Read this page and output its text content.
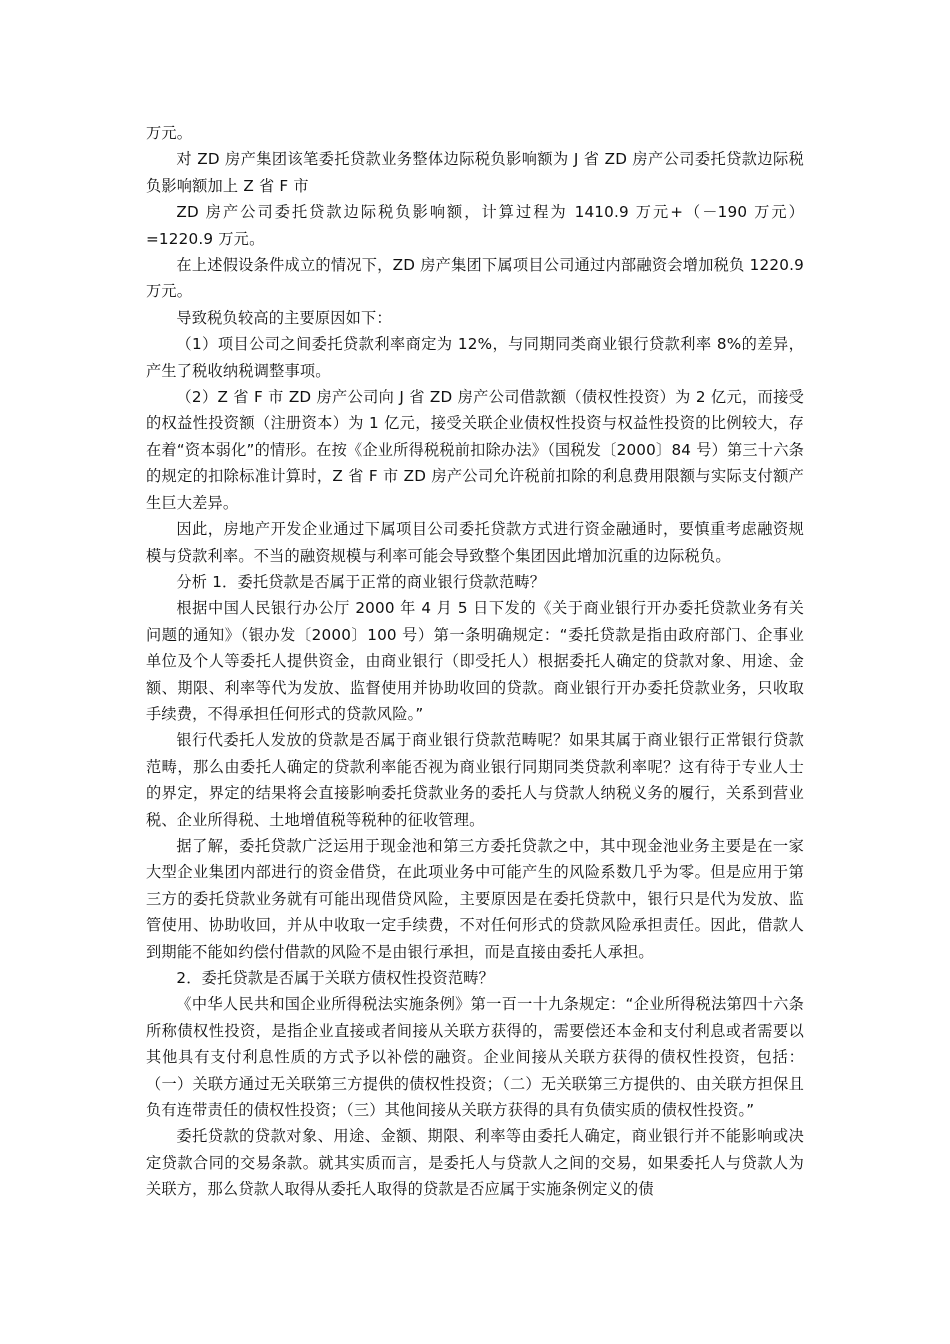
万元。

对 ZD 房产集团该笔委托贷款业务整体边际税负影响额为 J 省 ZD 房产公司委托贷款边际税负影响额加上 Z 省 F 市

ZD 房产公司委托贷款边际税负影响额，计算过程为 1410.9 万元+（－190 万元）=1220.9 万元。

在上述假设条件成立的情况下，ZD 房产集团下属项目公司通过内部融资会增加税负 1220.9 万元。

导致税负较高的主要原因如下：

（1）项目公司之间委托贷款利率商定为 12%，与同期同类商业银行贷款利率 8%的差异，产生了税收纳税调整事项。

（2）Z 省 F 市 ZD 房产公司向 J 省 ZD 房产公司借款额（债权性投资）为 2 亿元，而接受的权益性投资额（注册资本）为 1 亿元，接受关联企业债权性投资与权益性投资的比例较大，存在着“资本弱化”的情形。在按《企业所得税税前扣除办法》（国税发〔2000〕84 号）第三十六条的规定的扣除标准计算时，Z 省 F 市 ZD 房产公司允许税前扣除的利息费用限额与实际支付额产生巨大差异。

因此，房地产开发企业通过下属项目公司委托贷款方式进行资金融通时，要慎重考虑融资规模与贷款利率。不当的融资规模与利率可能会导致整个集团因此增加沉重的边际税负。

分析 1．委托贷款是否属于正常的商业银行贷款范畴？

根据中国人民银行办公厅 2000 年 4 月 5 日下发的《关于商业银行开办委托贷款业务有关问题的通知》（银办发〔2000〕100 号）第一条明确规定：“委托贷款是指由政府部门、企事业单位及个人等委托人提供资金，由商业银行（即受托人）根据委托人确定的贷款对象、用途、金额、期限、利率等代为发放、监督使用并协助收回的贷款。商业银行开办委托贷款业务，只收取手续费，不得承担任何形式的贷款风险。”

银行代委托人发放的贷款是否属于商业银行贷款范畴呢？如果其属于商业银行正常银行贷款范畴，那么由委托人确定的贷款利率能否视为商业银行同期同类贷款利率呢？这有待于专业人士的界定，界定的结果将会直接影响委托贷款业务的委托人与贷款人纳税义务的履行，关系到营业税、企业所得税、土地增值税等税种的征收管理。

据了解，委托贷款广泛运用于现金池和第三方委托贷款之中，其中现金池业务主要是在一家大型企业集团内部进行的资金借贷，在此项业务中可能产生的风险系数几乎为零。但是应用于第三方的委托贷款业务就有可能出现借贷风险，主要原因是在委托贷款中，银行只是代为发放、监管使用、协助收回，并从中收取一定手续费，不对任何形式的贷款风险承担责任。因此，借款人到期能不能如约偿付借款的风险不是由银行承担，而是直接由委托人承担。

2．委托贷款是否属于关联方债权性投资范畴？

《中华人民共和国企业所得税法实施条例》第一百一十九条规定：“企业所得税法第四十六条所称债权性投资，是指企业直接或者间接从关联方获得的，需要偿还本金和支付利息或者需要以其他具有支付利息性质的方式予以补偿的融资。企业间接从关联方获得的债权性投资，包括：（一）关联方通过无关联第三方提供的债权性投资；（二）无关联第三方提供的、由关联方担保且负有连带责任的债权性投资；（三）其他间接从关联方获得的具有负债实质的债权性投资。”

委托贷款的贷款对象、用途、金额、期限、利率等由委托人确定，商业银行并不能影响或决定贷款合同的交易条款。就其实质而言，是委托人与贷款人之间的交易，如果委托人与贷款人为关联方，那么贷款人取得从委托人取得的贷款是否应属于实施条例定义的债
